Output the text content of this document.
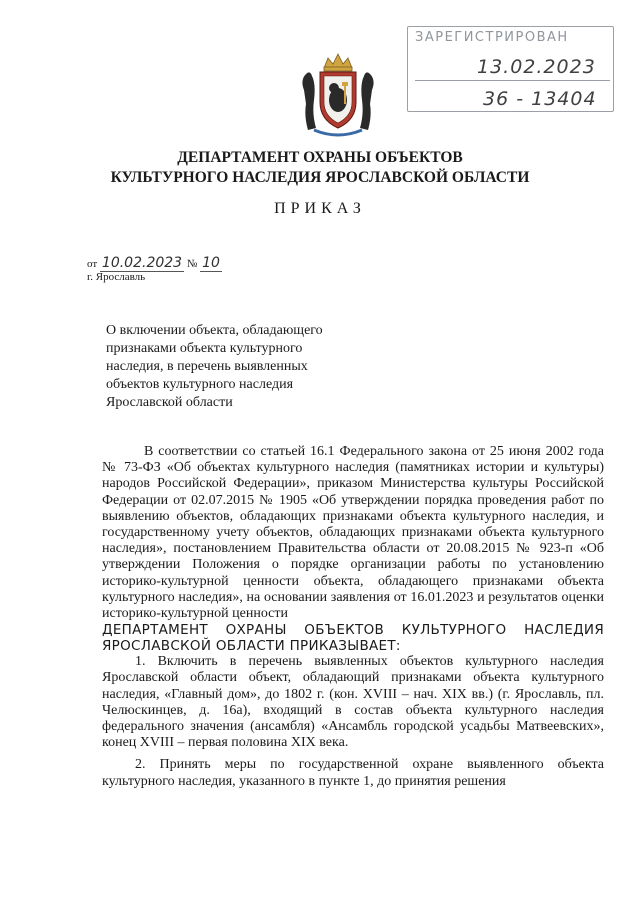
ЗАРЕГИСТРИРОВАН
13.02.2023
36 - 13404
ДЕПАРТАМЕНТ ОХРАНЫ ОБЪЕКТОВ
КУЛЬТУРНОГО НАСЛЕДИЯ ЯРОСЛАВСКОЙ ОБЛАСТИ
ПРИКАЗ
от 10.02.2023 № 10
г. Ярославль
О включении объекта, обладающего признаками объекта культурного наследия, в перечень выявленных объектов культурного наследия Ярославской области

В соответствии со статьей 16.1 Федерального закона от 25 июня 2002 года № 73-ФЗ «Об объектах культурного наследия (памятниках истории и культуры) народов Российской Федерации», приказом Министерства культуры Российской Федерации от 02.07.2015 № 1905 «Об утверждении порядка проведения работ по выявлению объектов, обладающих признаками объекта культурного наследия, и государственному учету объектов, обладающих признаками объекта культурного наследия», постановлением Правительства области от 20.08.2015 № 923-п «Об утверждении Положения о порядке организации работы по установлению историко-культурной ценности объекта, обладающего признаками объекта культурного наследия», на основании заявления от 16.01.2023 и результатов оценки историко-культурной ценности

ДЕПАРТАМЕНТ ОХРАНЫ ОБЪЕКТОВ КУЛЬТУРНОГО НАСЛЕДИЯ ЯРОСЛАВСКОЙ ОБЛАСТИ ПРИКАЗЫВАЕТ:

1. Включить в перечень выявленных объектов культурного наследия Ярославской области объект, обладающий признаками объекта культурного наследия, «Главный дом», до 1802 г. (кон. XVIII – нач. XIX вв.) (г. Ярославль, пл. Челюскинцев, д. 16а), входящий в состав объекта культурного наследия федерального значения (ансамбля) «Ансамбль городской усадьбы Матвеевских», конец XVIII – первая половина XIX века.

2. Принять меры по государственной охране выявленного объекта культурного наследия, указанного в пункте 1, до принятия решения
